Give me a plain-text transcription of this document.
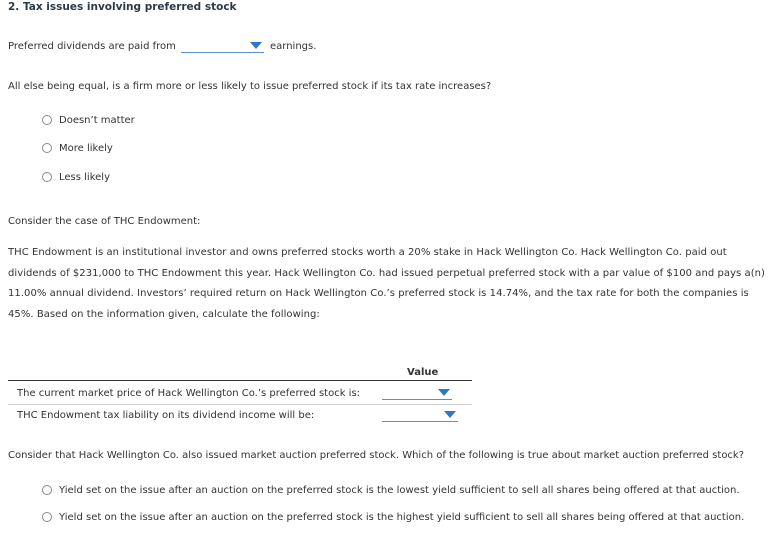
2. Tax issues involving preferred stock
Preferred dividends are paid from	earnings.
All else being equal, is a firm more or less likely to issue preferred stock if its tax rate increases?
Doesn’t matter
More likely
Less likely
Consider the case of THC Endowment:
THC Endowment is an institutional investor and owns preferred stocks worth a 20% stake in Hack Wellington Co. Hack Wellington Co. paid out
dividends of $231,000 to THC Endowment this year. Hack Wellington Co. had issued perpetual preferred stock with a par value of $100 and pays a(n)
11.00% annual dividend. Investors’ required return on Hack Wellington Co.’s preferred stock is 14.74%, and the tax rate for both the companies is
45%. Based on the information given, calculate the following:
Value
The current market price of Hack Wellington Co.’s preferred stock is:
THC Endowment tax liability on its dividend income will be:
Consider that Hack Wellington Co. also issued market auction preferred stock. Which of the following is true about market auction preferred stock?
Yield set on the issue after an auction on the preferred stock is the lowest yield sufficient to sell all shares being offered at that auction.
Yield set on the issue after an auction on the preferred stock is the highest yield sufficient to sell all shares being offered at that auction.
